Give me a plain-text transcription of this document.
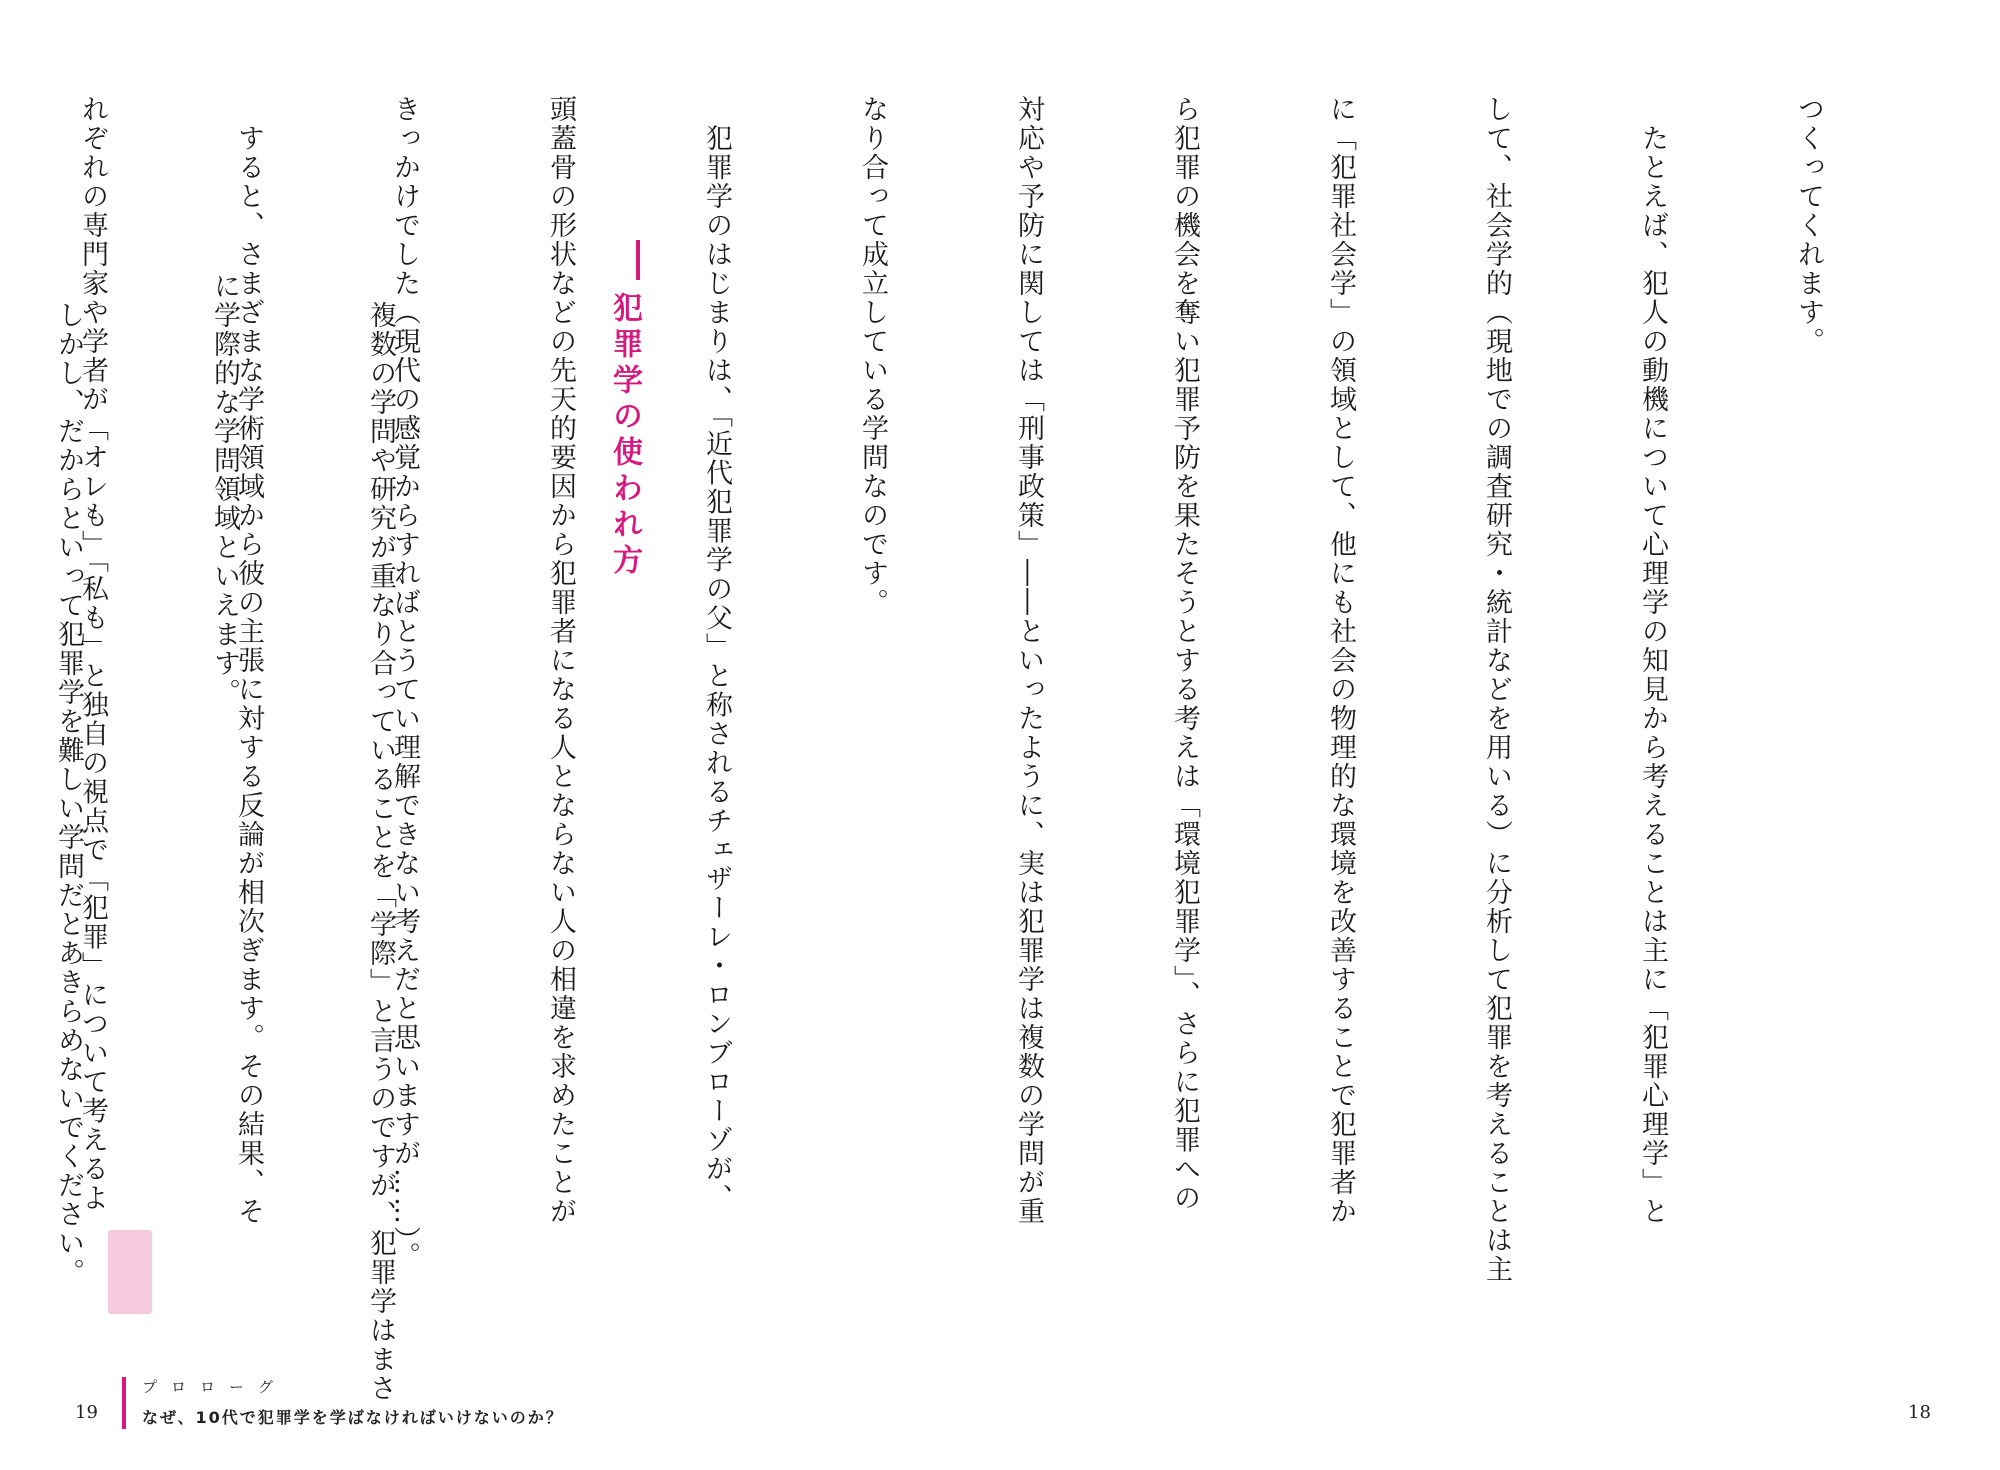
つくってくれます。

　たとえば、犯人の動機について心理学の知見から考えることは主に「犯罪心理学」と

して、社会学的（現地での調査研究・統計などを用いる）に分析して犯罪を考えることは主

に「犯罪社会学」の領域として、他にも社会の物理的な環境を改善することで犯罪者か

ら犯罪の機会を奪い犯罪予防を果たそうとする考えは「環境犯罪学」、さらに犯罪への

対応や予防に関しては「刑事政策」――といったように、実は犯罪学は複数の学問が重

なり合って成立している学問なのです。

　犯罪学のはじまりは、「近代犯罪学の父」と称されるチェザーレ・ロンブローゾが、

頭蓋骨の形状などの先天的要因から犯罪者になる人とならない人の相違を求めたことが

きっかけでした（現代の感覚からすればとうてい理解できない考えだと思いますが……）。

　すると、さまざまな学術領域から彼の主張に対する反論が相次ぎます。その結果、そ

れぞれの専門家や学者が「オレも」「私も」と独自の視点で「犯罪」について考えるよ

18
犯罪学の使われ方

　複数の学問や研究が重なり合っていることを「学際」と言うのですが、犯罪学はまさ

に学際的な学問領域といえます。

　しかし、だからといって犯罪学を難しい学問だとあきらめないでください。

19
プロローグ
なぜ、10代で犯罪学を学ばなければいけないのか？
